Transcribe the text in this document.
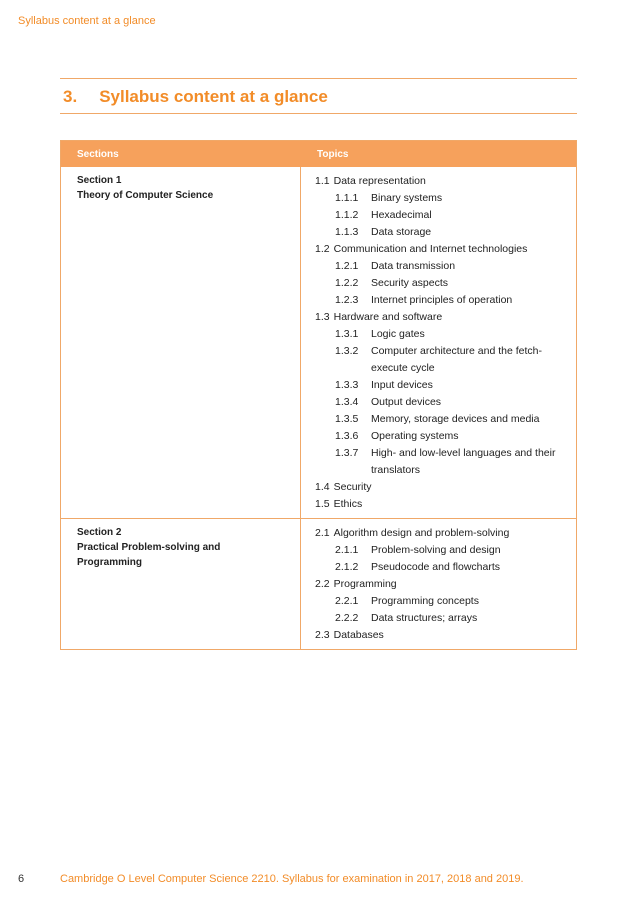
Syllabus content at a glance
3. Syllabus content at a glance
Sections	Topics
Section 1
Theory of Computer Science
1.1 Data representation
1.1.1	Binary systems
1.1.2	Hexadecimal
1.1.3	Data storage
1.2 Communication and Internet technologies
1.2.1	Data transmission
1.2.2	Security aspects
1.2.3	Internet principles of operation
1.3 Hardware and software
1.3.1	Logic gates
1.3.2	Computer architecture and the fetch-
execute cycle
1.3.3	Input devices
1.3.4	Output devices
1.3.5	Memory, storage devices and media
1.3.6	Operating systems
1.3.7	High- and low-level languages and their
translators
1.4 Security
1.5 Ethics
Section 2
Practical Problem-solving and Programming
2.1 Algorithm design and problem-solving
2.1.1	Problem-solving and design
2.1.2	Pseudocode and flowcharts
2.2 Programming
2.2.1	Programming concepts
2.2.2	Data structures; arrays
2.3 Databases
6	Cambridge O Level Computer Science 2210. Syllabus for examination in 2017, 2018 and 2019.
